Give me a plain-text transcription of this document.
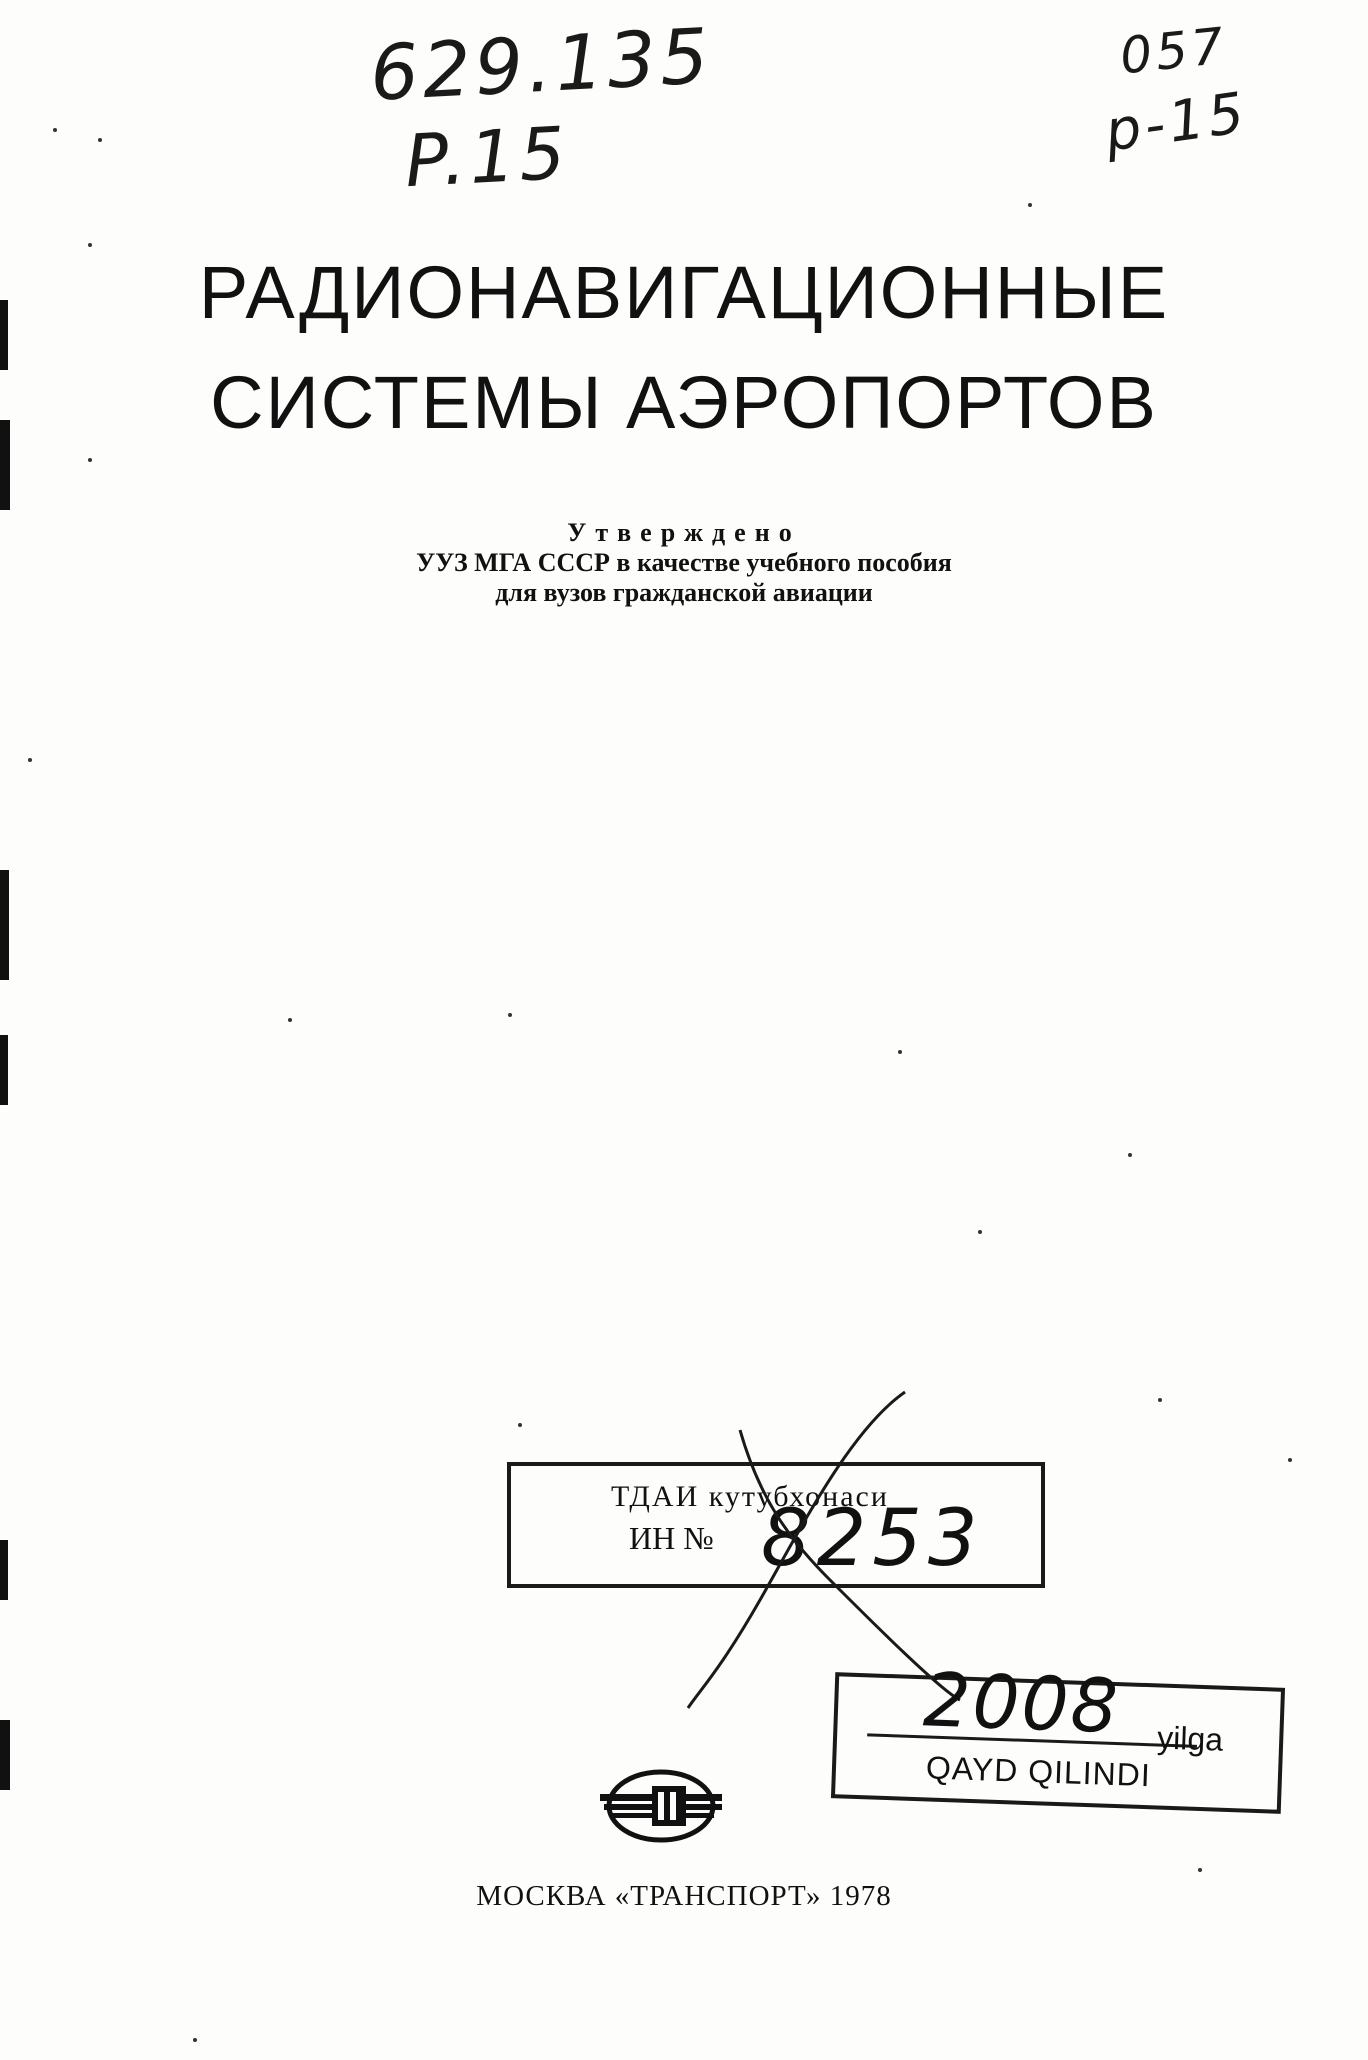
629.135
P.15
057
p-15
РАДИОНАВИГАЦИОННЫЕ
СИСТЕМЫ АЭРОПОРТОВ
Утверждено
УУЗ МГА СССР в качестве учебного пособия
для вузов гражданской авиации
ТДАИ кутубхонаси
ИН № 8253
2008 yilga
QAYD QILINDI
МОСКВА «ТРАНСПОРТ» 1978
